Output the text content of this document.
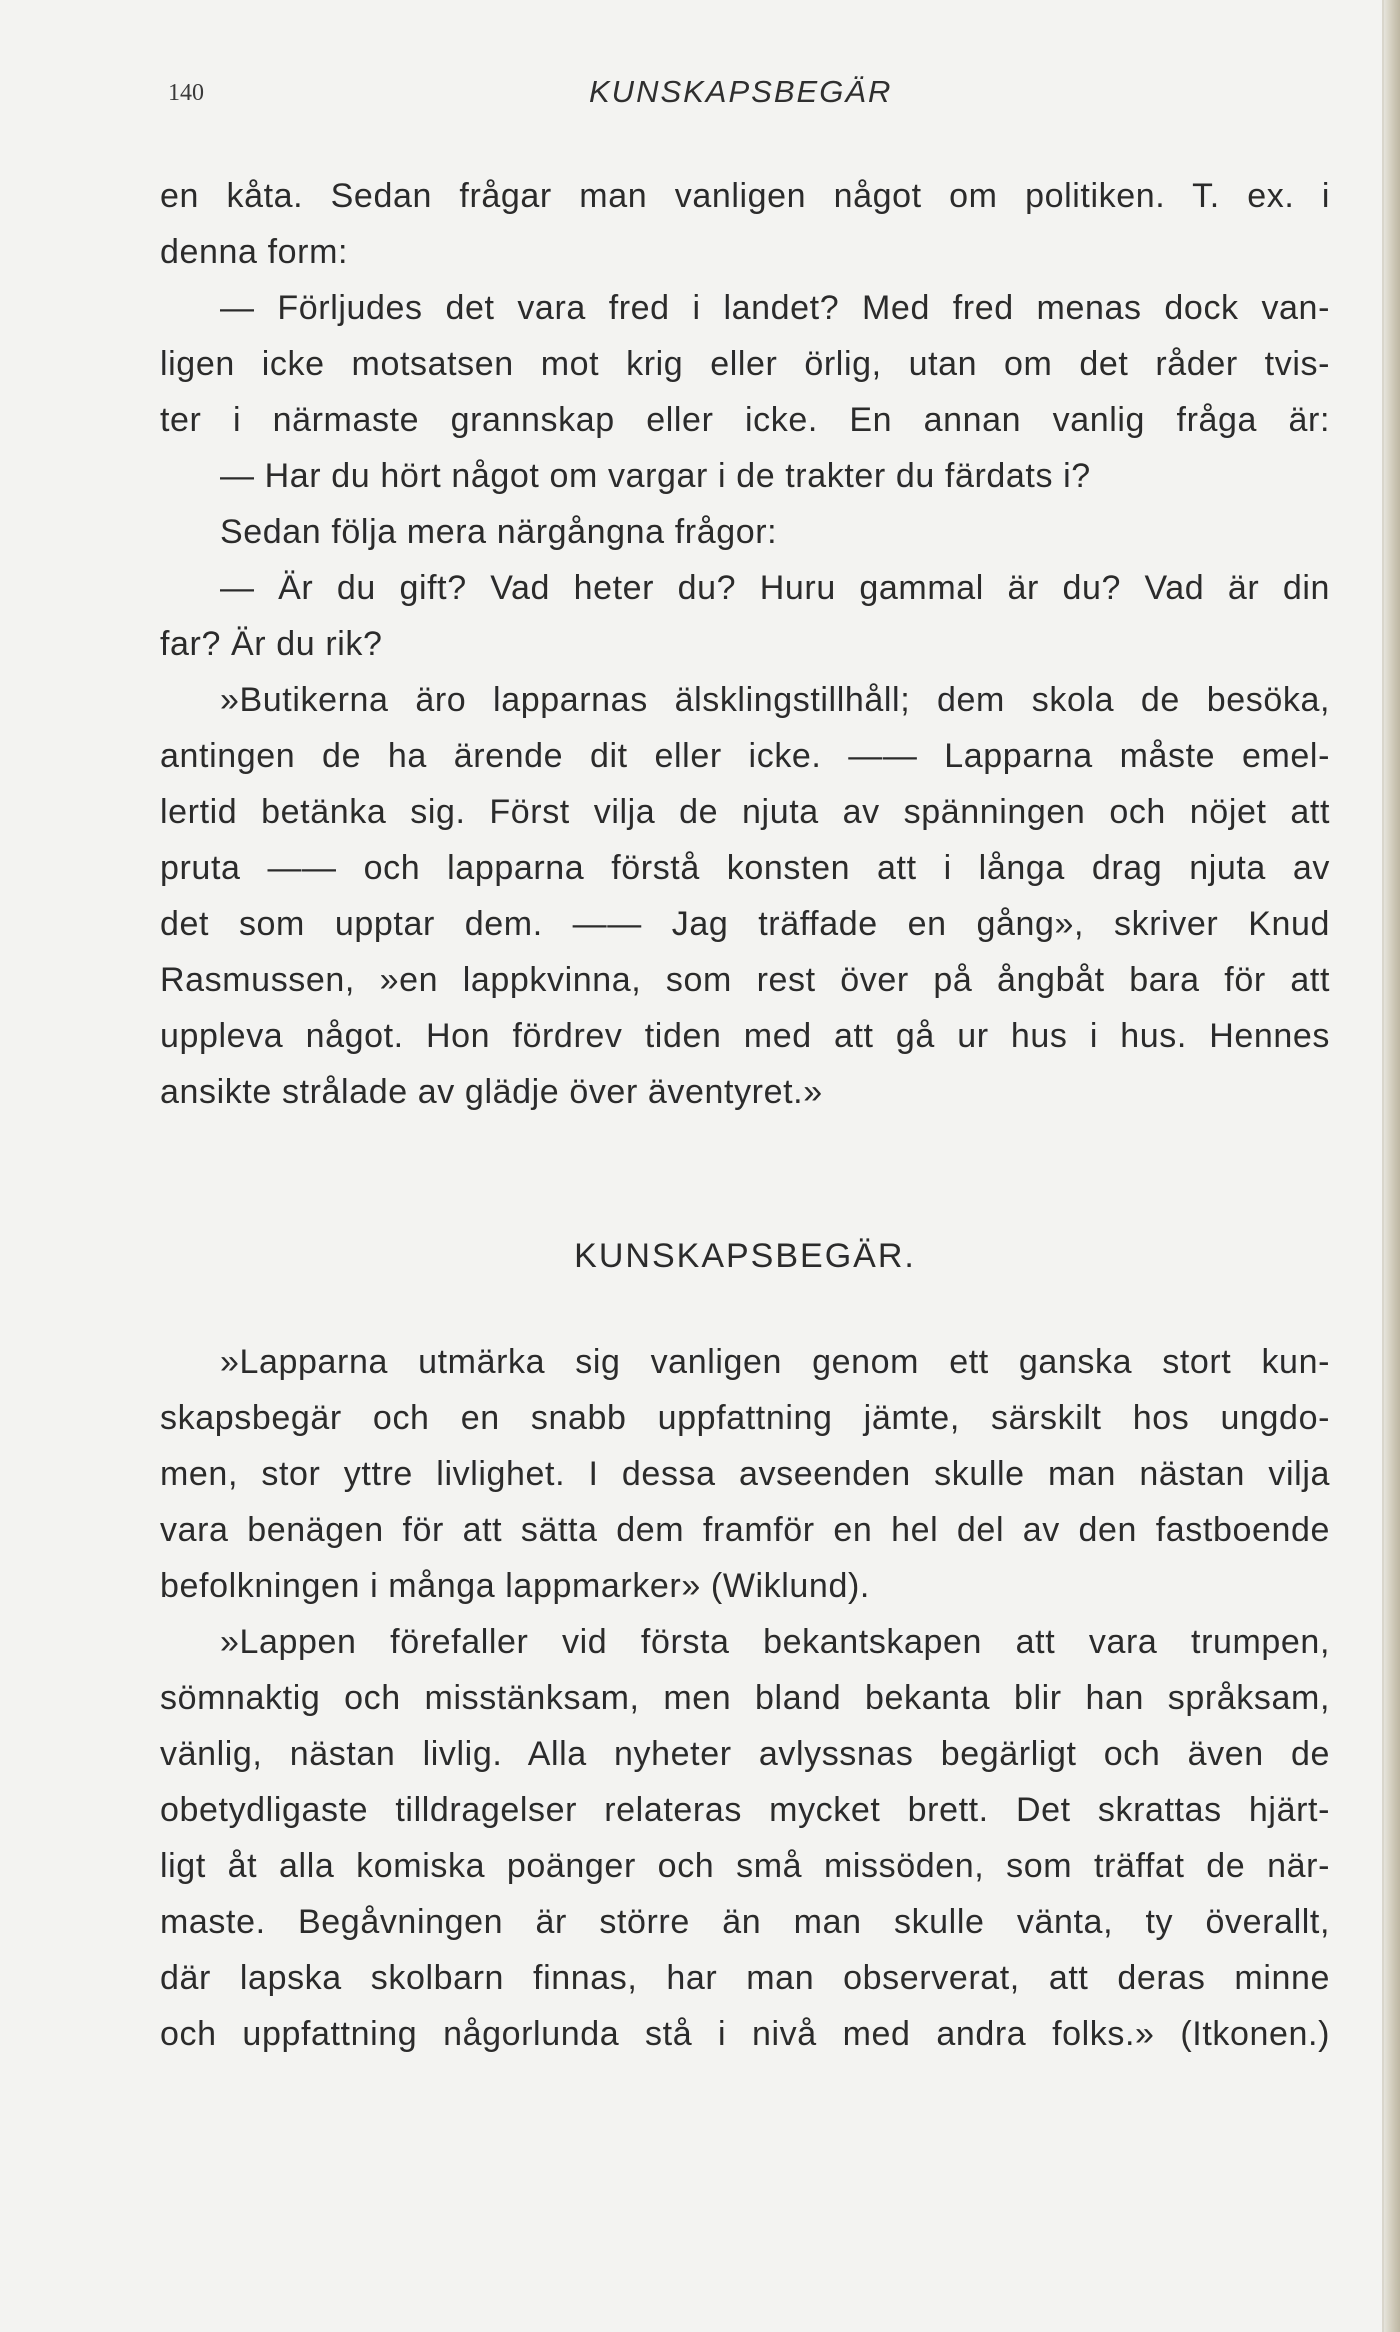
140	KUNSKAPSBEGÄR
en kåta. Sedan frågar man vanligen något om politiken. T. ex. i
denna form:
— Förljudes det vara fred i landet? Med fred menas dock van-
ligen icke motsatsen mot krig eller örlig, utan om det råder tvis-
ter i närmaste grannskap eller icke. En annan vanlig fråga är:
— Har du hört något om vargar i de trakter du färdats i?
Sedan följa mera närgångna frågor:
— Är du gift? Vad heter du? Huru gammal är du? Vad är din
far? Är du rik?
»Butikerna äro lapparnas älsklingstillhåll; dem skola de besöka,
antingen de ha ärende dit eller icke. —— Lapparna måste emel-
lertid betänka sig. Först vilja de njuta av spänningen och nöjet att
pruta —— och lapparna förstå konsten att i långa drag njuta av
det som upptar dem. —— Jag träffade en gång», skriver Knud
Rasmussen, »en lappkvinna, som rest över på ångbåt bara för att
uppleva något. Hon fördrev tiden med att gå ur hus i hus. Hennes
ansikte strålade av glädje över äventyret.»
KUNSKAPSBEGÄR.
»Lapparna utmärka sig vanligen genom ett ganska stort kun-
skapsbegär och en snabb uppfattning jämte, särskilt hos ungdo-
men, stor yttre livlighet. I dessa avseenden skulle man nästan vilja
vara benägen för att sätta dem framför en hel del av den fastboende
befolkningen i många lappmarker» (Wiklund).
»Lappen förefaller vid första bekantskapen att vara trumpen,
sömnaktig och misstänksam, men bland bekanta blir han språksam,
vänlig, nästan livlig. Alla nyheter avlyssnas begärligt och även de
obetydligaste tilldragelser relateras mycket brett. Det skrattas hjärt-
ligt åt alla komiska poänger och små missöden, som träffat de när-
maste. Begåvningen är större än man skulle vänta, ty överallt,
där lapska skolbarn finnas, har man observerat, att deras minne
och uppfattning någorlunda stå i nivå med andra folks.» (Itkonen.)
